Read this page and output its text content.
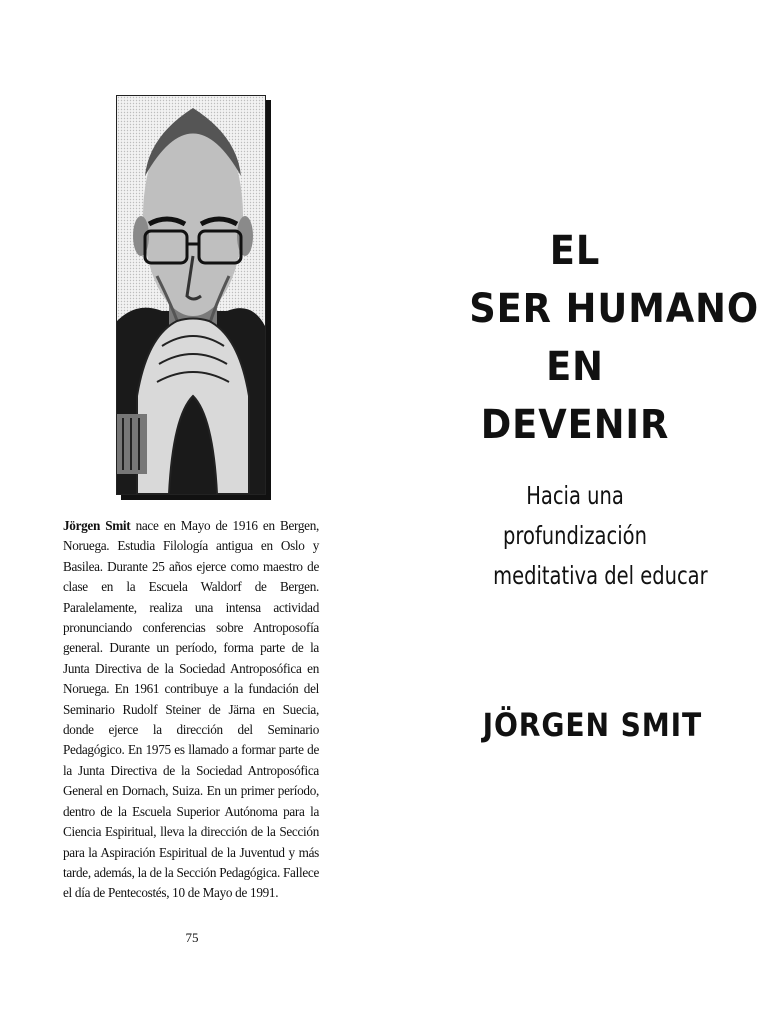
Jörgen Smit nace en Mayo de 1916 en Bergen, Noruega. Estudia Filología antigua en Oslo y Basilea. Durante 25 años ejerce como maestro de clase en la Escuela Waldorf de Bergen. Paralelamente, realiza una intensa actividad pronunciando conferencias sobre Antroposofía general. Durante un período, forma parte de la Junta Directiva de la Sociedad Antroposófica en Noruega. En 1961 contribuye a la fundación del Seminario Rudolf Steiner de Järna en Suecia, donde ejerce la dirección del Seminario Pedagógico. En 1975 es llamado a formar parte de la Junta Directiva de la Sociedad Antroposófica General en Dornach, Suiza. En un primer período, dentro de la Escuela Superior Autónoma para la Ciencia Espiritual, lleva la dirección de la Sección para la Aspiración Espiritual de la Juventud y más tarde, además, la de la Sección Pedagógica. Fallece el día de Pentecostés, 10 de Mayo de 1991.
75
EL
SER HUMANO
EN
DEVENIR
Hacia una
profundización
meditativa del educar
JÖRGEN SMIT
